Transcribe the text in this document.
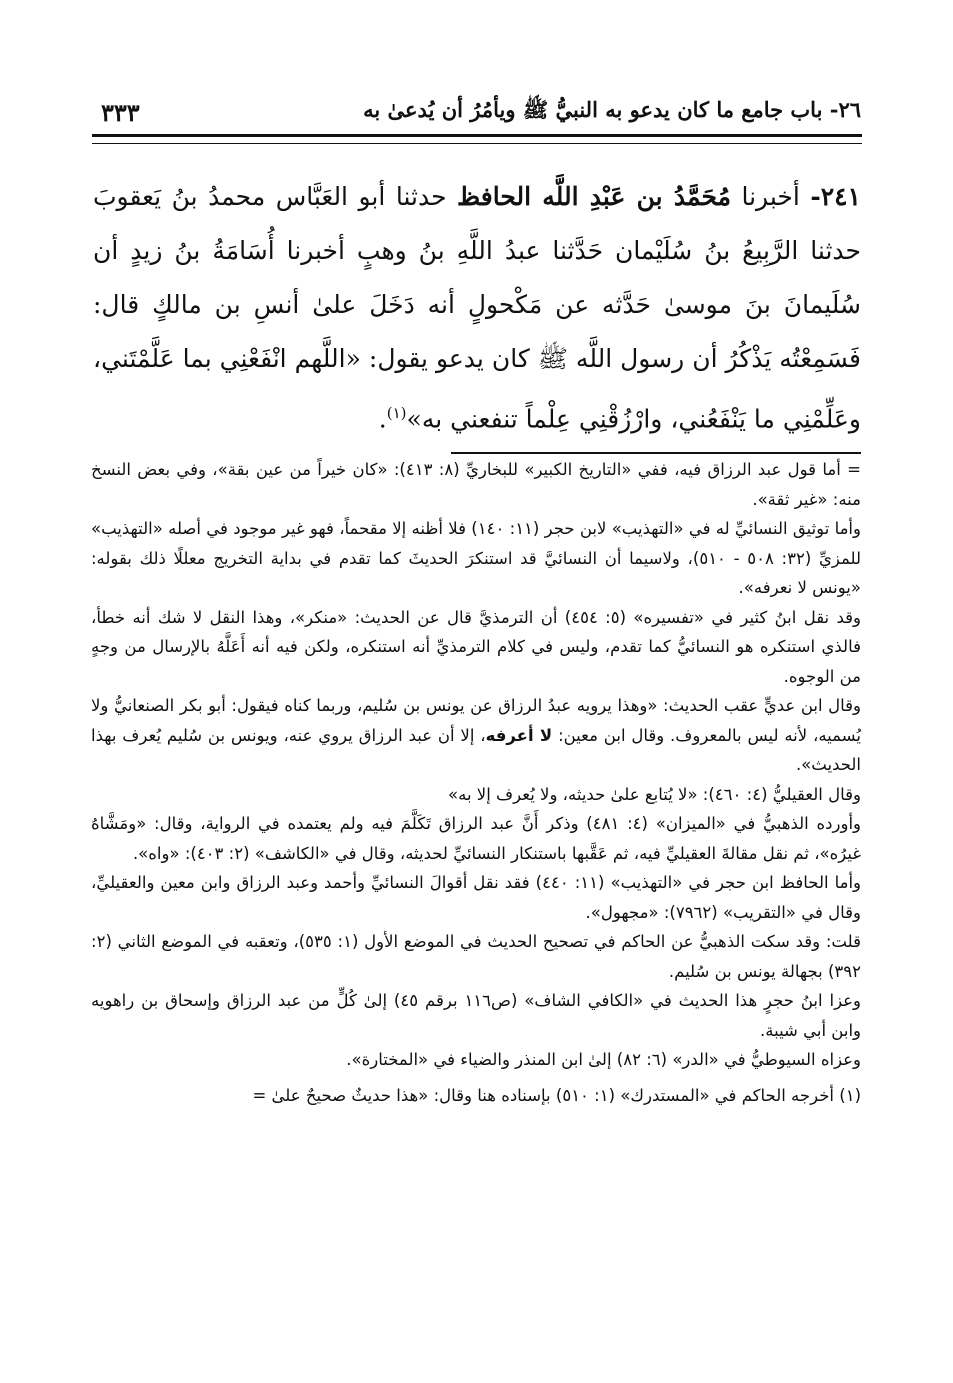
٢٦- باب جامع ما كان يدعو به النبيُّ ﷺ ويأمُرُ أن يُدعىٰ به
٣٣٣

٢٤١- أخبرنا مُحَمَّدُ بن عَبْدِ اللَّه الحافظ حدثنا أبو العَبَّاس محمدُ بنُ يَعقوبَ حدثنا الرَّبِيعُ بنُ سُلَيْمان حَدَّثنا عبدُ اللَّهِ بنُ وهبٍ أخبرنا أُسَامَةُ بنُ زيدٍ أن سُلَيمانَ بنَ موسىٰ حَدَّثه عن مَكْحولٍ أنه دَخَلَ علىٰ أنسِ بن مالكٍ قال: فَسَمِعْتُه يَذْكُرُ أن رسول اللَّه ﷺ كان يدعو يقول: «اللَّهم انْفَعْنِي بما عَلَّمْتَني، وعَلِّمْنِي ما يَنْفَعُني، وارْزُقْنِي عِلْماً تنفعني به»$^{(١)}$.

= أما قول عبد الرزاق فيه، ففي «التاريخ الكبير» للبخاريِّ (٨: ٤١٣): «كان خيراً من عين بقة»، وفي بعض النسخ منه: «غير ثقة».

وأما توثيق النسائيِّ له في «التهذيب» لابن حجر (١١: ١٤٠) فلا أظنه إلا مقحماً، فهو غير موجود في أصله «التهذيب» للمزيِّ (٣٢: ٥٠٨ - ٥١٠)، ولاسيما أن النسائيَّ قد استنكرَ الحديثَ كما تقدم في بداية التخريج معللًا ذلك بقوله: «يونس لا نعرفه».

وقد نقل ابنُ كثير في «تفسيره» (٥: ٤٥٤) أن الترمذيَّ قال عن الحديث: «منكر»، وهذا النقل لا شك أنه خطأ، فالذي استنكره هو النسائيُّ كما تقدم، وليس في كلام الترمذيِّ أنه استنكره، ولكن فيه أنه أَعَلَّهُ بالإرسال من وجهٍ من الوجوه.

وقال ابن عديٍّ عقب الحديث: «وهذا يرويه عبدُ الرزاق عن يونس بن سُليم، وربما كناه فيقول: أبو بكر الصنعانيُّ ولا يُسميه، لأنه ليس بالمعروف. وقال ابن معين: لا أعرفه، إلا أن عبد الرزاق يروي عنه، ويونس بن سُليم يُعرف بهذا الحديث».

وقال العقيليُّ (٤: ٤٦٠): «لا يُتابع علىٰ حديثه، ولا يُعرف إلا به»

وأورده الذهبيُّ في «الميزان» (٤: ٤٨١) وذكر أَنَّ عبد الرزاق تَكَلَّمَ فيه ولم يعتمده في الرواية، وقال: «ومَشَّاهُ غيرُه»، ثم نقل مقالةَ العقيليِّ فيه، ثم عَقَّبها باستنكار النسائيِّ لحديثه، وقال في «الكاشف» (٢: ٤٠٣): «واه».

وأما الحافظ ابن حجر في «التهذيب» (١١: ٤٤٠) فقد نقل أقوالَ النسائيِّ وأحمد وعبد الرزاق وابن معين والعقيليِّ، وقال في «التقريب» (٧٩٦٢): «مجهول».

قلت: وقد سكت الذهبيُّ عن الحاكم في تصحيح الحديث في الموضع الأول (١: ٥٣٥)، وتعقبه في الموضع الثاني (٢: ٣٩٢) بجهالة يونس بن سُليم.

وعزا ابنُ حجرٍ هذا الحديث في «الكافي الشاف» (ص١١٦ برقم ٤٥) إلىٰ كُلٍّ من عبد الرزاق وإسحاق بن راهويه وابن أبي شيبة.

وعزاه السيوطيُّ في «الدر» (٦: ٨٢) إلىٰ ابن المنذر والضياء في «المختارة».

(١) أخرجه الحاكم في «المستدرك» (١: ٥١٠) بإسناده هنا وقال: «هذا حديثٌ صحيحٌ علىٰ =
